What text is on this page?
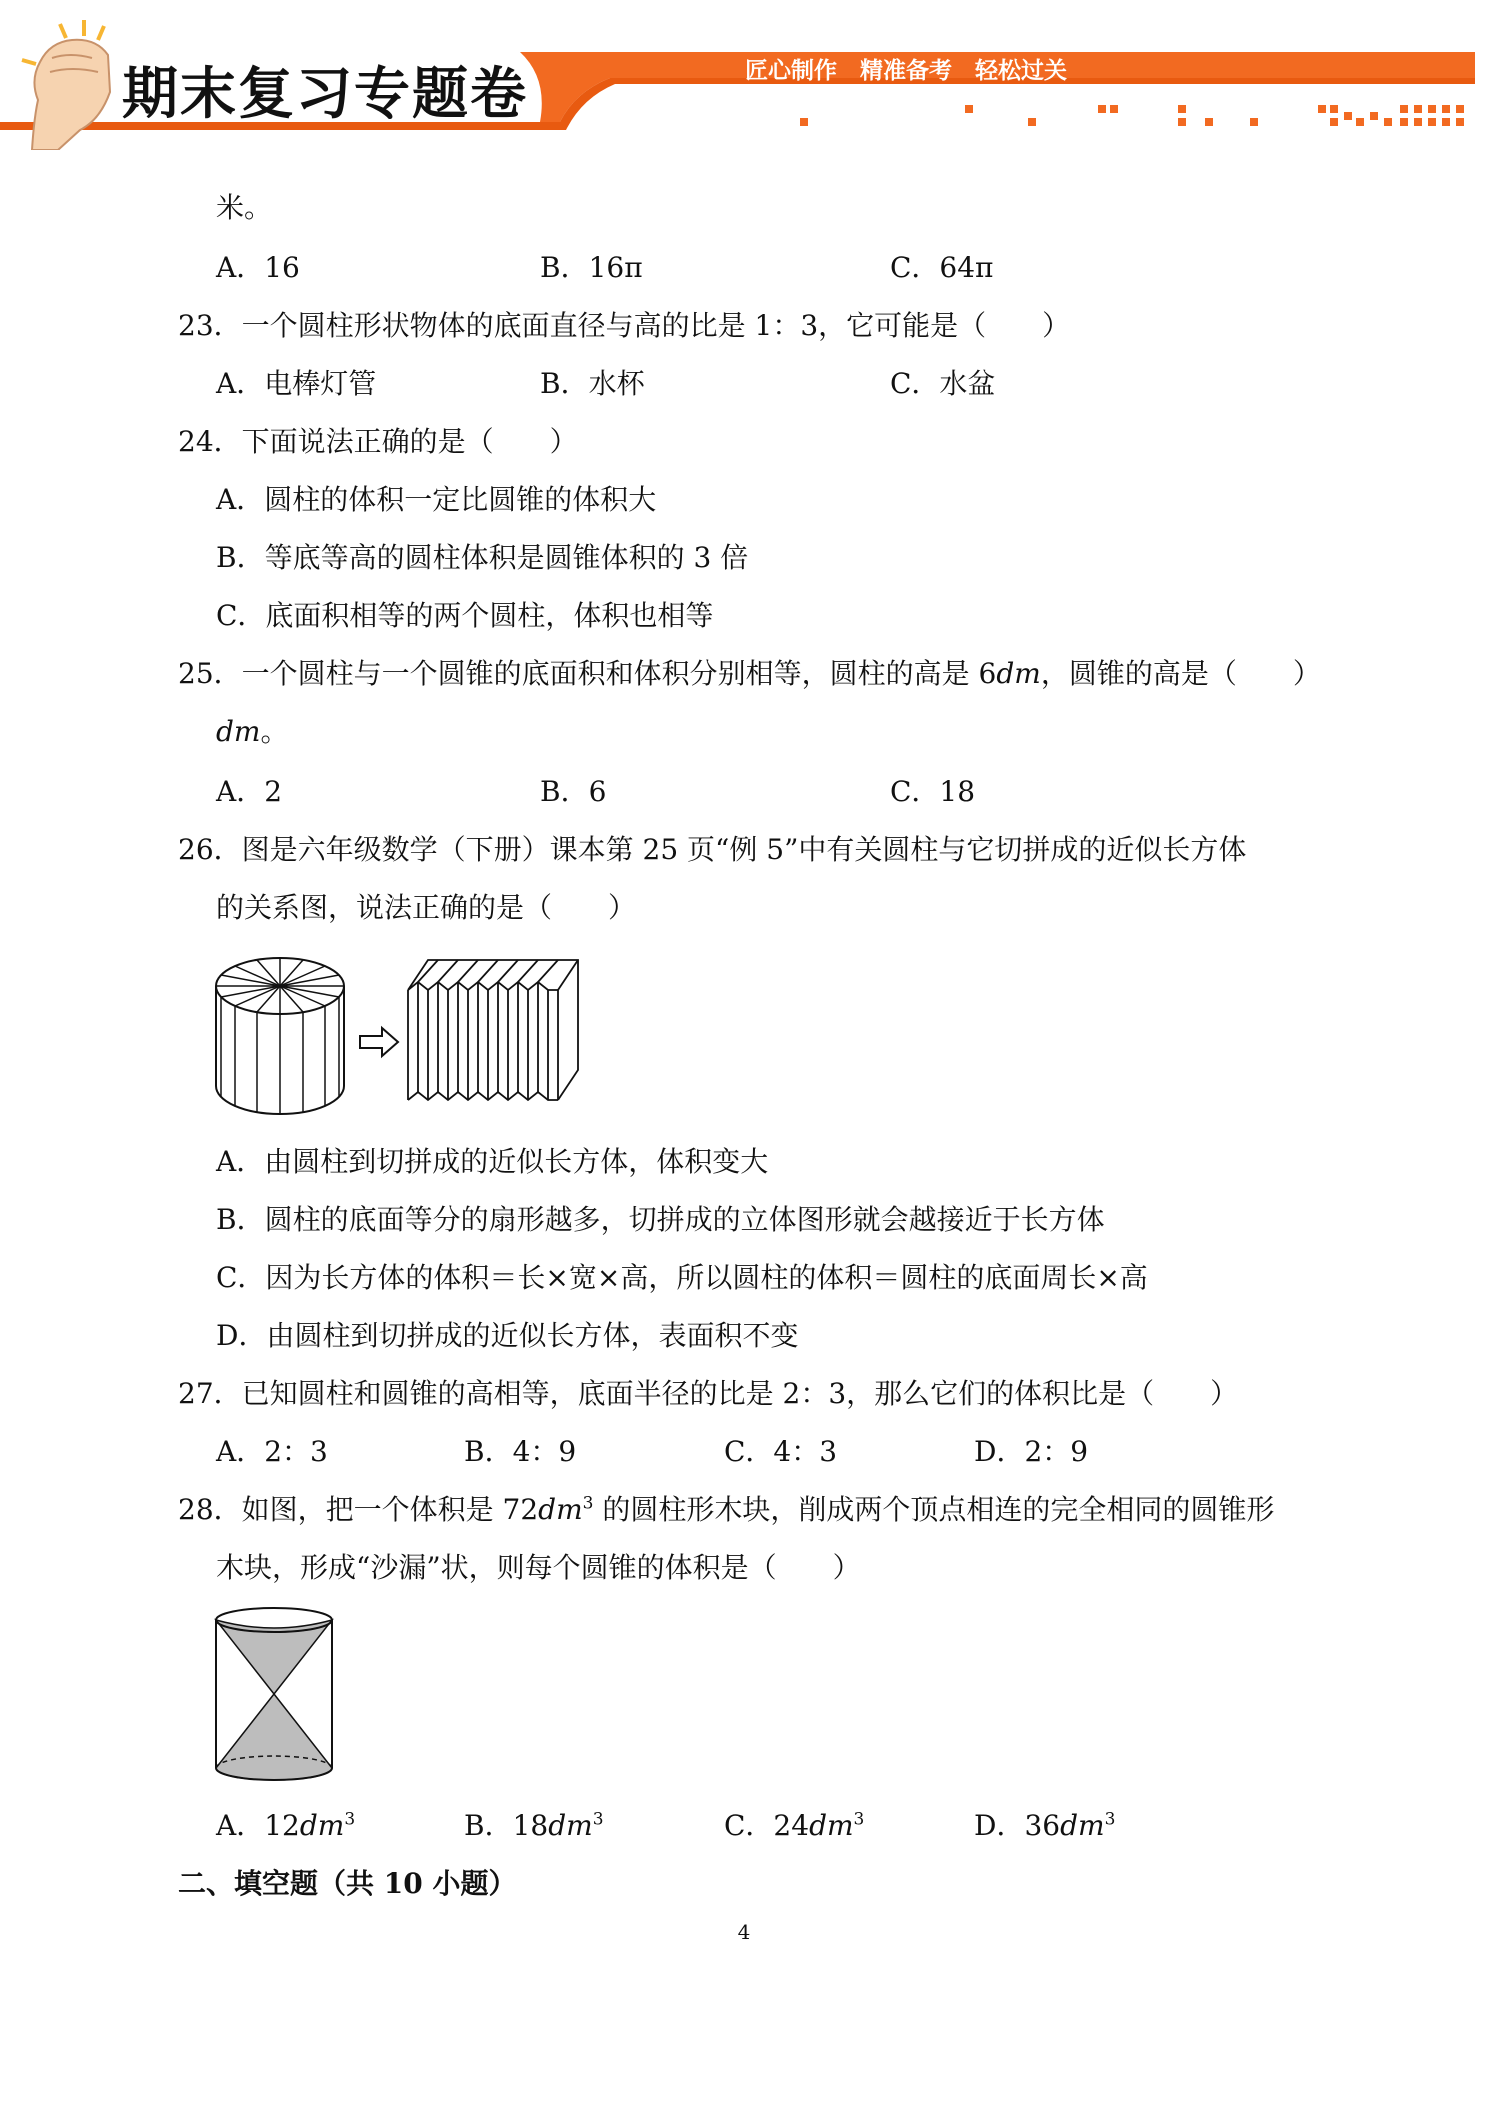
期末复习专题卷	匠心制作　精准备考　轻松过关
米。
A．16	B．16π	C．64π
23．一个圆柱形状物体的底面直径与高的比是 1：3，它可能是（　　）
A．电棒灯管	B．水杯	C．水盆
24．下面说法正确的是（　　）
A．圆柱的体积一定比圆锥的体积大
B．等底等高的圆柱体积是圆锥体积的 3 倍
C．底面积相等的两个圆柱，体积也相等
25．一个圆柱与一个圆锥的底面积和体积分别相等，圆柱的高是 6dm，圆锥的高是（　　）
dm。
A．2	B．6	C．18
26．图是六年级数学（下册）课本第 25 页“例 5”中有关圆柱与它切拼成的近似长方体
的关系图，说法正确的是（　　）
A．由圆柱到切拼成的近似长方体，体积变大
B．圆柱的底面等分的扇形越多，切拼成的立体图形就会越接近于长方体
C．因为长方体的体积＝长×宽×高，所以圆柱的体积＝圆柱的底面周长×高
D．由圆柱到切拼成的近似长方体，表面积不变
27．已知圆柱和圆锥的高相等，底面半径的比是 2：3，那么它们的体积比是（　　）
A．2：3	B．4：9	C．4：3	D．2：9
28．如图，把一个体积是 $72dm^3$ 的圆柱形木块，削成两个顶点相连的完全相同的圆锥形
木块，形成“沙漏”状，则每个圆锥的体积是（　　）
A．$12dm^3$	B．$18dm^3$	C．$24dm^3$	D．$36dm^3$
二、填空题（共 10 小题）
4
